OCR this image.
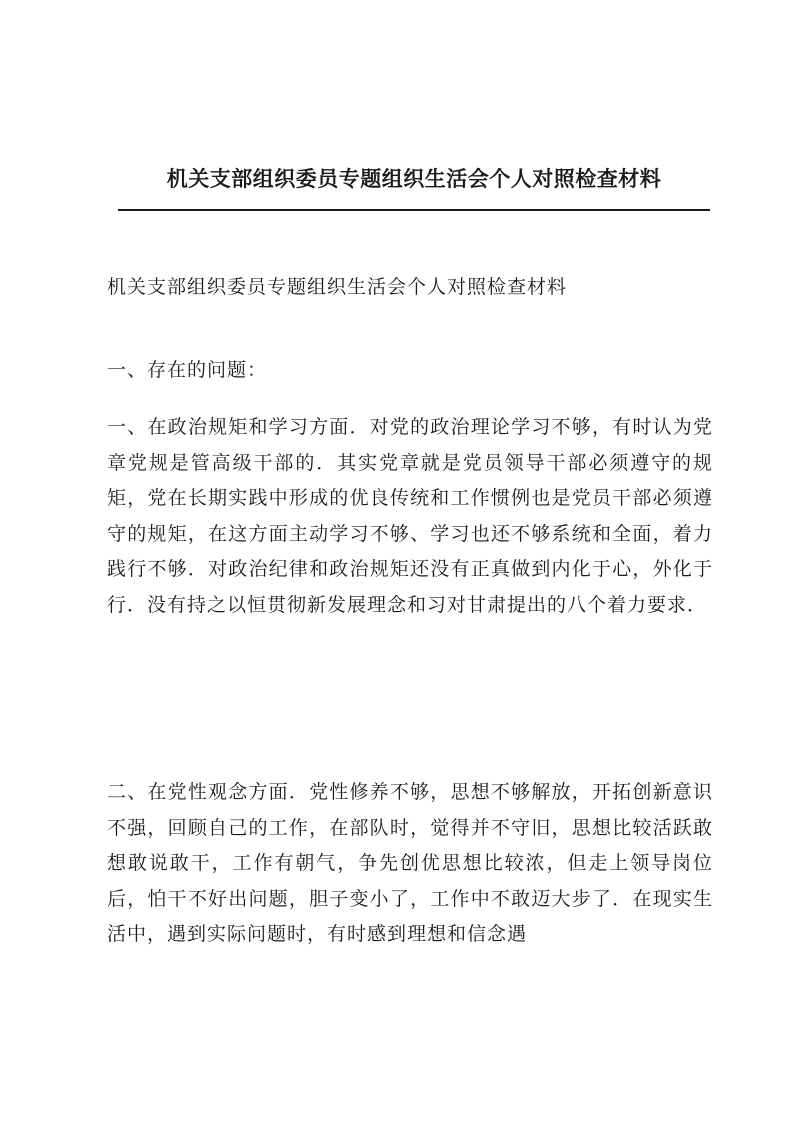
机关支部组织委员专题组织生活会个人对照检查材料

机关支部组织委员专题组织生活会个人对照检查材料

一、存在的问题：

一、在政治规矩和学习方面．对党的政治理论学习不够，有时认为党章党规是管高级干部的．其实党章就是党员领导干部必须遵守的规矩，党在长期实践中形成的优良传统和工作惯例也是党员干部必须遵守的规矩，在这方面主动学习不够、学习也还不够系统和全面，着力践行不够．对政治纪律和政治规矩还没有正真做到内化于心，外化于行．没有持之以恒贯彻新发展理念和习对甘肃提出的八个着力要求．

二、在党性观念方面．党性修养不够，思想不够解放，开拓创新意识不强，回顾自己的工作，在部队时，觉得并不守旧，思想比较活跃敢想敢说敢干，工作有朝气，争先创优思想比较浓，但走上领导岗位后，怕干不好出问题，胆子变小了，工作中不敢迈大步了．在现实生活中，遇到实际问题时，有时感到理想和信念遇
